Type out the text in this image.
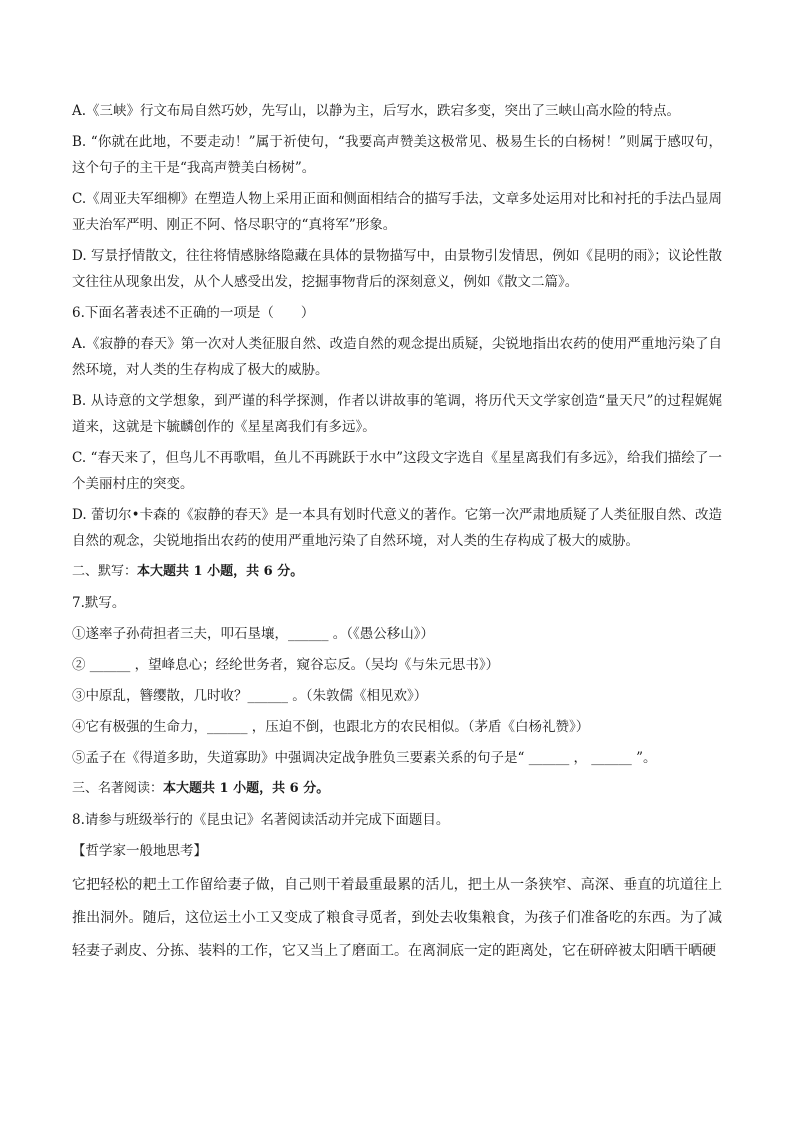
A.《三峡》行文布局自然巧妙，先写山，以静为主，后写水，跌宕多变，突出了三峡山高水险的特点。

B. “你就在此地，不要走动！”属于祈使句，“我要高声赞美这极常见、极易生长的白杨树！”则属于感叹句，这个句子的主干是“我高声赞美白杨树”。

C.《周亚夫军细柳》在塑造人物上采用正面和侧面相结合的描写手法，文章多处运用对比和衬托的手法凸显周亚夫治军严明、刚正不阿、恪尽职守的“真将军”形象。

D. 写景抒情散文，往往将情感脉络隐藏在具体的景物描写中，由景物引发情思，例如《昆明的雨》；议论性散文往往从现象出发，从个人感受出发，挖掘事物背后的深刻意义，例如《散文二篇》。

6.下面名著表述不正确的一项是（　　）

A.《寂静的春天》第一次对人类征服自然、改造自然的观念提出质疑，尖锐地指出农药的使用严重地污染了自然环境，对人类的生存构成了极大的威胁。

B. 从诗意的文学想象，到严谨的科学探测，作者以讲故事的笔调，将历代天文学家创造“量天尺”的过程娓娓道来，这就是卞毓麟创作的《星星离我们有多远》。

C. “春天来了，但鸟儿不再歌唱，鱼儿不再跳跃于水中”这段文字选自《星星离我们有多远》，给我们描绘了一个美丽村庄的突变。

D. 蕾切尔•卡森的《寂静的春天》是一本具有划时代意义的著作。它第一次严肃地质疑了人类征服自然、改造自然的观念，尖锐地指出农药的使用严重地污染了自然环境，对人类的生存构成了极大的威胁。

二、默写：本大题共 1 小题，共 6 分。

7.默写。

①遂率子孙荷担者三夫，叩石垦壤，______ 。（《愚公移山》）

② ______ ，望峰息心；经纶世务者，窥谷忘反。（吴均《与朱元思书》）

③中原乱，簪缨散，几时收？______ 。（朱敦儒《相见欢》）

④它有极强的生命力，______ ，压迫不倒，也跟北方的农民相似。（茅盾《白杨礼赞》）

⑤孟子在《得道多助，失道寡助》中强调决定战争胜负三要素关系的句子是“ ______ ， ______ ”。

三、名著阅读：本大题共 1 小题，共 6 分。

8.请参与班级举行的《昆虫记》名著阅读活动并完成下面题目。

【哲学家一般地思考】

它把轻松的耙土工作留给妻子做，自己则干着最重最累的活儿，把土从一条狭窄、高深、垂直的坑道往上推出洞外。随后，这位运土小工又变成了粮食寻觅者，到处去收集粮食，为孩子们准备吃的东西。为了减轻妻子剥皮、分拣、装料的工作，它又当上了磨面工。在离洞底一定的距离处，它在研碎被太阳晒干晒硬
